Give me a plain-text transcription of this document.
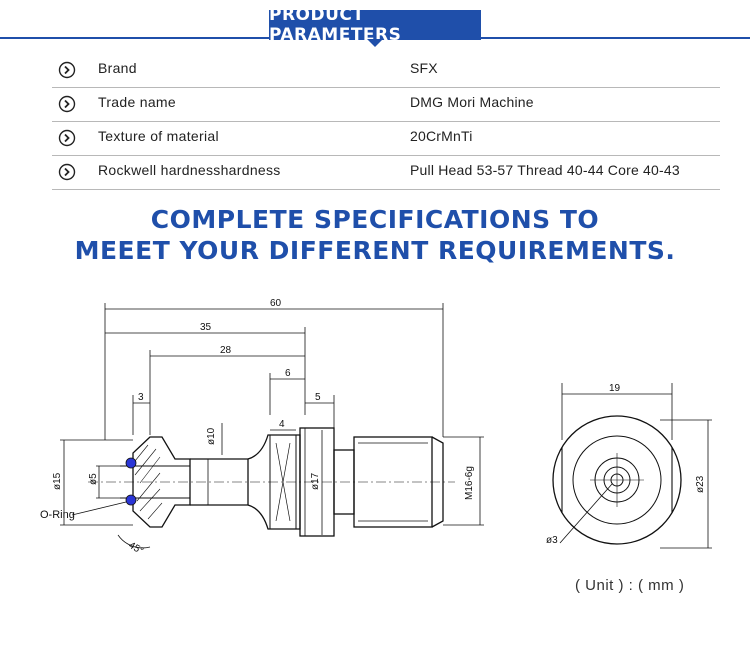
PRODUCT PARAMETERS
Brand	SFX
Trade name	DMG Mori Machine
Texture of material	20CrMnTi
Rockwell hardnesshardness	Pull Head 53-57 Thread 40-44 Core 40-43
COMPLETE SPECIFICATIONS TO
MEEET YOUR DIFFERENT REQUIREMENTS.
60
35
28
6
5
3
4
ø10
ø15	ø5	ø17	M16-6g
45°
O-Ring
19
ø23
ø3
( Unit ) : ( mm )
